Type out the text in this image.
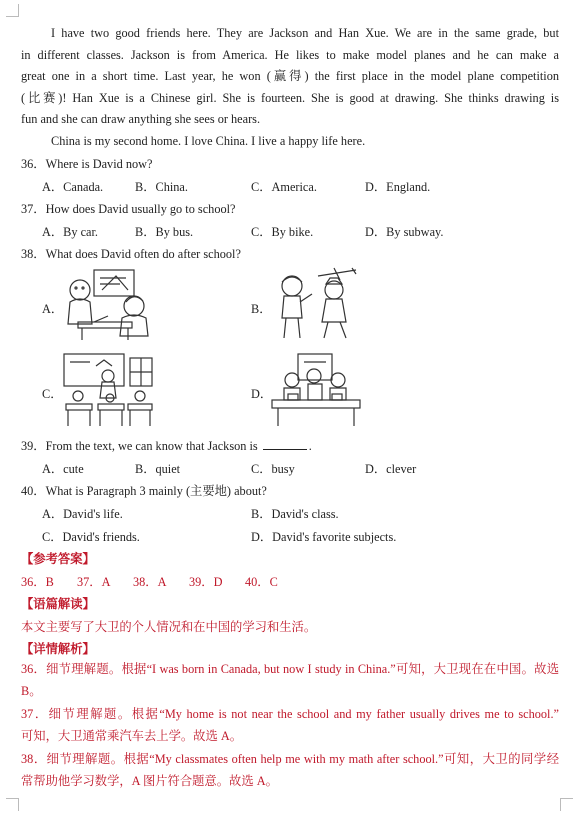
I have two good friends here. They are Jackson and Han Xue. We are in the same grade, but
in different classes. Jackson is from America. He likes to make model planes and he can make a
great one in a short time. Last year, he won (赢得) the first place in the model plane competition
(比赛)! Han Xue is a Chinese girl. She is fourteen. She is good at drawing. She thinks drawing is
fun and she can draw anything she sees or hears.
China is my second home. I love China. I live a happy life here.
36．Where is David now?
A．Canada.	B．China.	C．America.	D．England.
37．How does David usually go to school?
A．By car.	B．By bus.	C．By bike.	D．By subway.
38．What does David often do after school?
A．	B．
C．	D．
39．From the text, we can know that Jackson is	.
A．cute	B．quiet	C．busy	D．clever
40．What is Paragraph 3 mainly (主要地) about?
A．David's life.	B．David's class.
C．David's friends.	D．David's favorite subjects.
【参考答案】
36．B 37．A 38．A 39．D 40．C
【语篇解读】
本文主要写了大卫的个人情况和在中国的学习和生活。
【详情解析】
36．细节理解题。根据“I was born in Canada, but now I study in China.”可知，大卫现在在中国。故选
B。
37．细节理解题。根据“My home is not near the school and my father usually drives me to school.”
可知，大卫通常乘汽车去上学。故选 A。
38．细节理解题。根据“My classmates often help me with my math after school.”可知，大卫的同学经
常帮助他学习数学，A 图片符合题意。故选 A。
